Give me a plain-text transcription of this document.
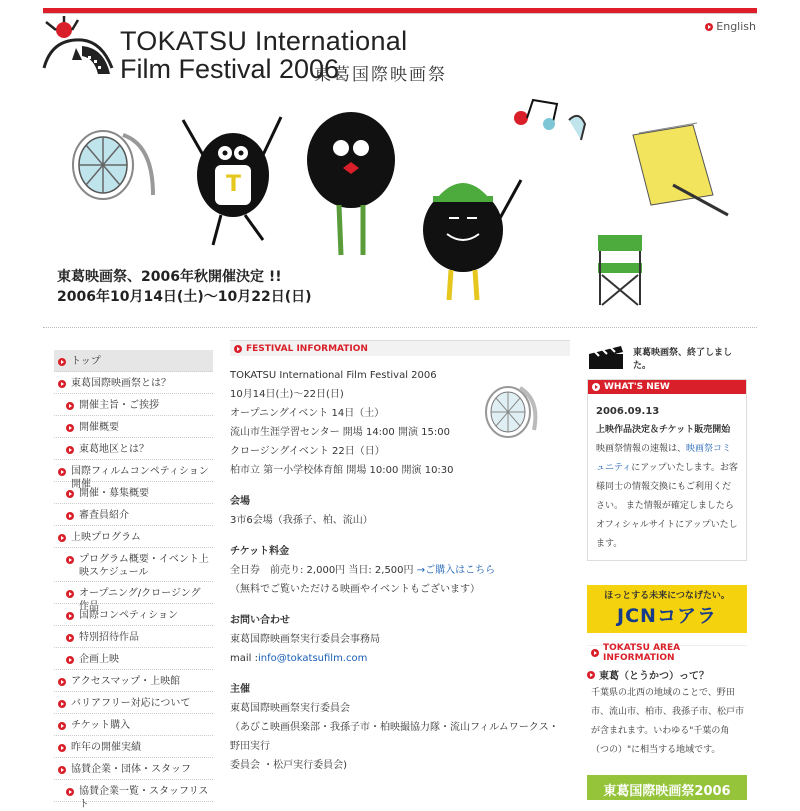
TOKATSU International
Film Festival 2006
東葛国際映画祭
English
T
東葛映画祭、2006年秋開催決定 !!
2006年10月14日(土)〜10月22日(日)
トップ
東葛国際映画祭とは？
開催主旨・ご挨拶
開催概要
東葛地区とは？
国際フィルムコンペティション開催
開催・募集概要
審査員紹介
上映プログラム
プログラム概要・イベント上映スケジュール
オープニング/クロージング作品
国際コンペティション
特別招待作品
企画上映
アクセスマップ・上映館
バリアフリー対応について
チケット購入
昨年の開催実績
協賛企業・団体・スタッフ
協賛企業一覧・スタッフリスト
FESTIVAL INFORMATION
TOKATSU International Film Festival 2006
10月14日(土)〜22日(日)
オープニングイベント 14日（土）
流山市生涯学習センター 開場 14:00 開演 15:00
クロージングイベント 22日（日）
柏市立 第一小学校体育館 開場 10:00 開演 10:30
会場
3市6会場（我孫子、柏、流山）
チケット料金
全日券　前売り: 2,000円 当日: 2,500円 →ご購入はこちら
（無料でご覧いただける映画やイベントもございます）
お問い合わせ
東葛国際映画祭実行委員会事務局
mail :info@tokatsufilm.com
主催
東葛国際映画祭実行委員会
（あびこ映画倶楽部・我孫子市・柏映撮協力隊・流山フィルムワークス・ 野田実行
委員会 ・松戸実行委員会)
東葛映画祭、終了しました。
WHAT'S NEW
2006.09.13
上映作品決定＆チケット販売開始
映画祭情報の速報は、映画祭コミュニティにアップいたします。お客様同士の情報交換にもご利用ください。 また情報が確定しましたらオフィシャルサイトにアップいたします。
ほっとする未来につなげたい。
JCNコアラ
TOKATSU AREA INFORMATION
東葛（とうかつ）って？
千葉県の北西の地域のことで、野田市、流山市、柏市、我孫子市、松戸市が含まれます。いわゆる"千葉の角（つの）"に相当する地域です。
東葛国際映画祭2006
